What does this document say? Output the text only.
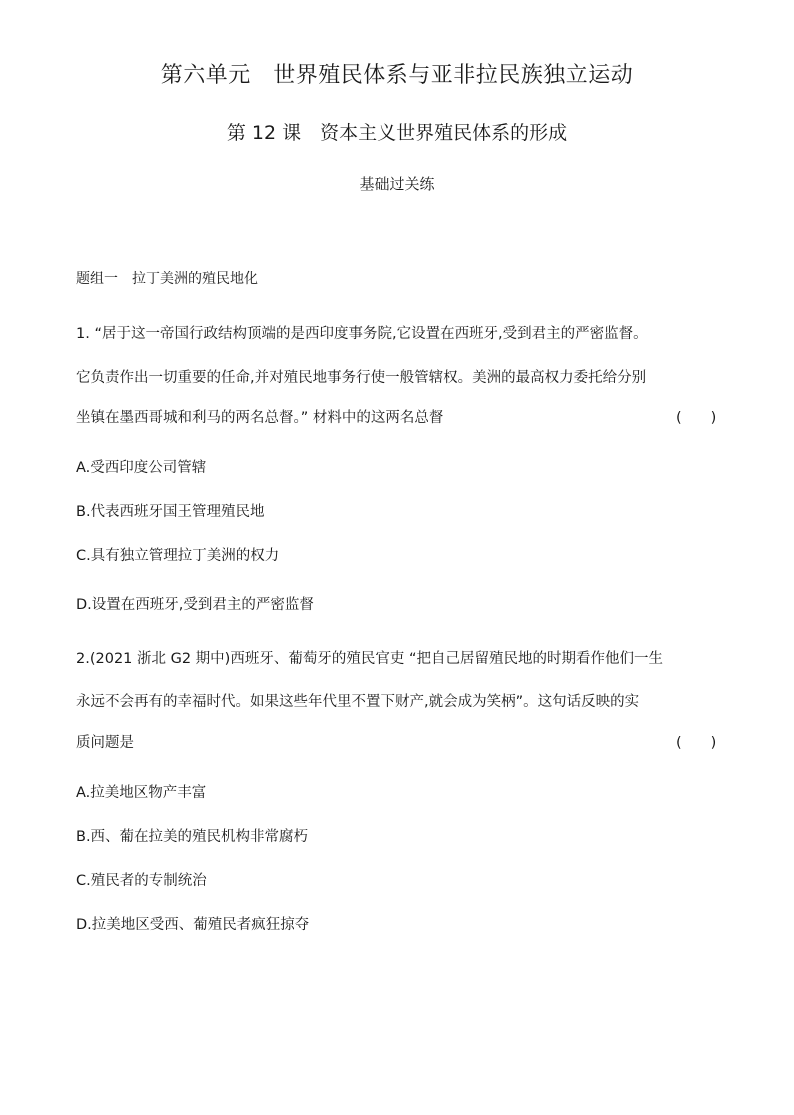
第六单元　世界殖民体系与亚非拉民族独立运动
第 12 课　资本主义世界殖民体系的形成
基础过关练
题组一　拉丁美洲的殖民地化
1. “居于这一帝国行政结构顶端的是西印度事务院,它设置在西班牙,受到君主的严密监督。
它负责作出一切重要的任命,并对殖民地事务行使一般管辖权。美洲的最高权力委托给分别
坐镇在墨西哥城和利马的两名总督。” 材料中的这两名总督	(　　)
A.受西印度公司管辖
B.代表西班牙国王管理殖民地
C.具有独立管理拉丁美洲的权力
D.设置在西班牙,受到君主的严密监督
2.(2021 浙北 G2 期中)西班牙、葡萄牙的殖民官吏 “把自己居留殖民地的时期看作他们一生
永远不会再有的幸福时代。如果这些年代里不置下财产,就会成为笑柄”。这句话反映的实
质问题是	(　　)
A.拉美地区物产丰富
B.西、葡在拉美的殖民机构非常腐朽
C.殖民者的专制统治
D.拉美地区受西、葡殖民者疯狂掠夺
